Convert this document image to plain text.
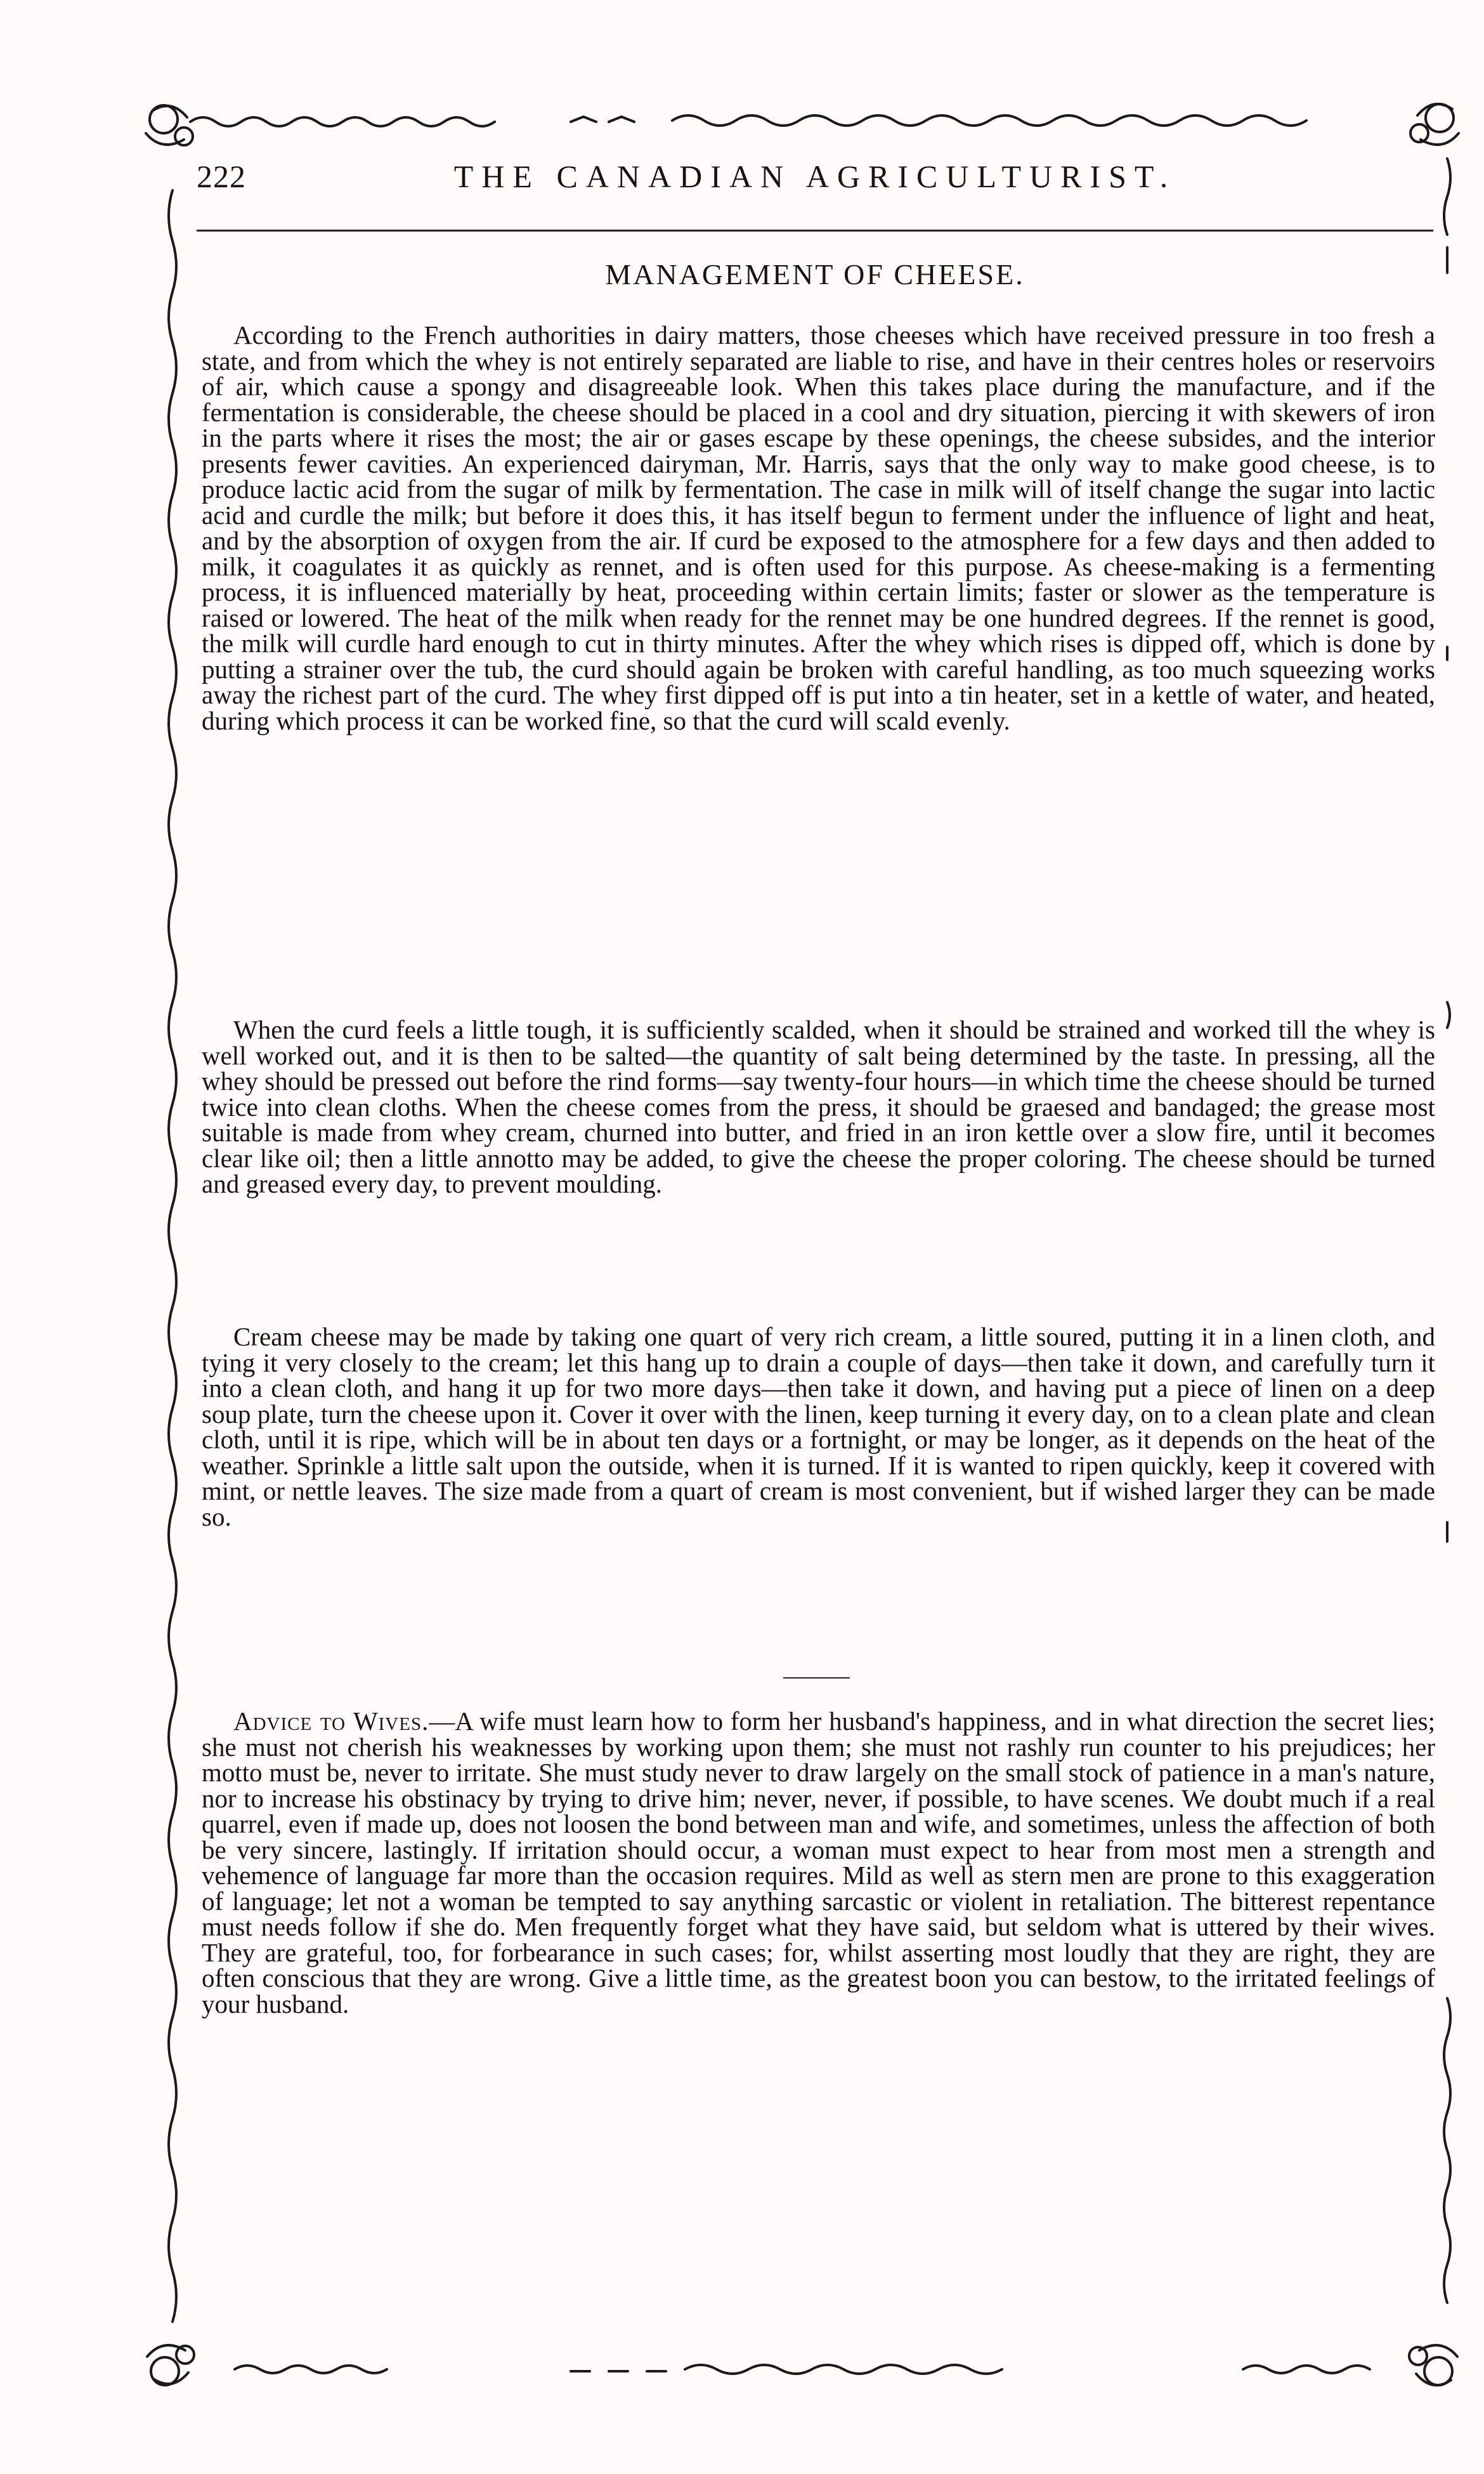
222	THE CANADIAN AGRICULTURIST.
MANAGEMENT OF CHEESE.

According to the French authorities in dairy matters, those cheeses which have received pressure in too fresh a state, and from which the whey is not entirely separated are liable to rise, and have in their centres holes or reservoirs of air, which cause a spongy and disagreeable look. When this takes place during the manufacture, and if the fermentation is considerable, the cheese should be placed in a cool and dry situation, piercing it with skewers of iron in the parts where it rises the most; the air or gases escape by these openings, the cheese subsides, and the interior presents fewer cavities. An experienced dairyman, Mr. Harris, says that the only way to make good cheese, is to produce lactic acid from the sugar of milk by fermentation. The case in milk will of itself change the sugar into lactic acid and curdle the milk; but before it does this, it has itself begun to ferment under the influence of light and heat, and by the absorption of oxygen from the air. If curd be exposed to the atmosphere for a few days and then added to milk, it coagulates it as quickly as rennet, and is often used for this purpose. As cheese-making is a fermenting process, it is influenced materially by heat, proceeding within certain limits; faster or slower as the temperature is raised or lowered. The heat of the milk when ready for the rennet may be one hundred degrees. If the rennet is good, the milk will curdle hard enough to cut in thirty minutes. After the whey which rises is dipped off, which is done by putting a strainer over the tub, the curd should again be broken with careful handling, as too much squeezing works away the richest part of the curd. The whey first dipped off is put into a tin heater, set in a kettle of water, and heated, during which process it can be worked fine, so that the curd will scald evenly.

When the curd feels a little tough, it is sufficiently scalded, when it should be strained and worked till the whey is well worked out, and it is then to be salted—the quantity of salt being determined by the taste. In pressing, all the whey should be pressed out before the rind forms—say twenty-four hours—in which time the cheese should be turned twice into clean cloths. When the cheese comes from the press, it should be graesed and bandaged; the grease most suitable is made from whey cream, churned into butter, and fried in an iron kettle over a slow fire, until it becomes clear like oil; then a little annotto may be added, to give the cheese the proper coloring. The cheese should be turned and greased every day, to prevent moulding.

Cream cheese may be made by taking one quart of very rich cream, a little soured, putting it in a linen cloth, and tying it very closely to the cream; let this hang up to drain a couple of days—then take it down, and carefully turn it into a clean cloth, and hang it up for two more days—then take it down, and having put a piece of linen on a deep soup plate, turn the cheese upon it. Cover it over with the linen, keep turning it every day, on to a clean plate and clean cloth, until it is ripe, which will be in about ten days or a fortnight, or may be longer, as it depends on the heat of the weather. Sprinkle a little salt upon the outside, when it is turned. If it is wanted to ripen quickly, keep it covered with mint, or nettle leaves. The size made from a quart of cream is most convenient, but if wished larger they can be made so.

Advice to Wives.—A wife must learn how to form her husband's happiness, and in what direction the secret lies; she must not cherish his weaknesses by working upon them; she must not rashly run counter to his prejudices; her motto must be, never to irritate. She must study never to draw largely on the small stock of patience in a man's nature, nor to increase his obstinacy by trying to drive him; never, never, if possible, to have scenes. We doubt much if a real quarrel, even if made up, does not loosen the bond between man and wife, and sometimes, unless the affection of both be very sincere, lastingly. If irritation should occur, a woman must expect to hear from most men a strength and vehemence of language far more than the occasion requires. Mild as well as stern men are prone to this exaggeration of language; let not a woman be tempted to say anything sarcastic or violent in retaliation. The bitterest repentance must needs follow if she do. Men frequently forget what they have said, but seldom what is uttered by their wives. They are grateful, too, for forbearance in such cases; for, whilst asserting most loudly that they are right, they are often conscious that they are wrong. Give a little time, as the greatest boon you can bestow, to the irritated feelings of your husband.
